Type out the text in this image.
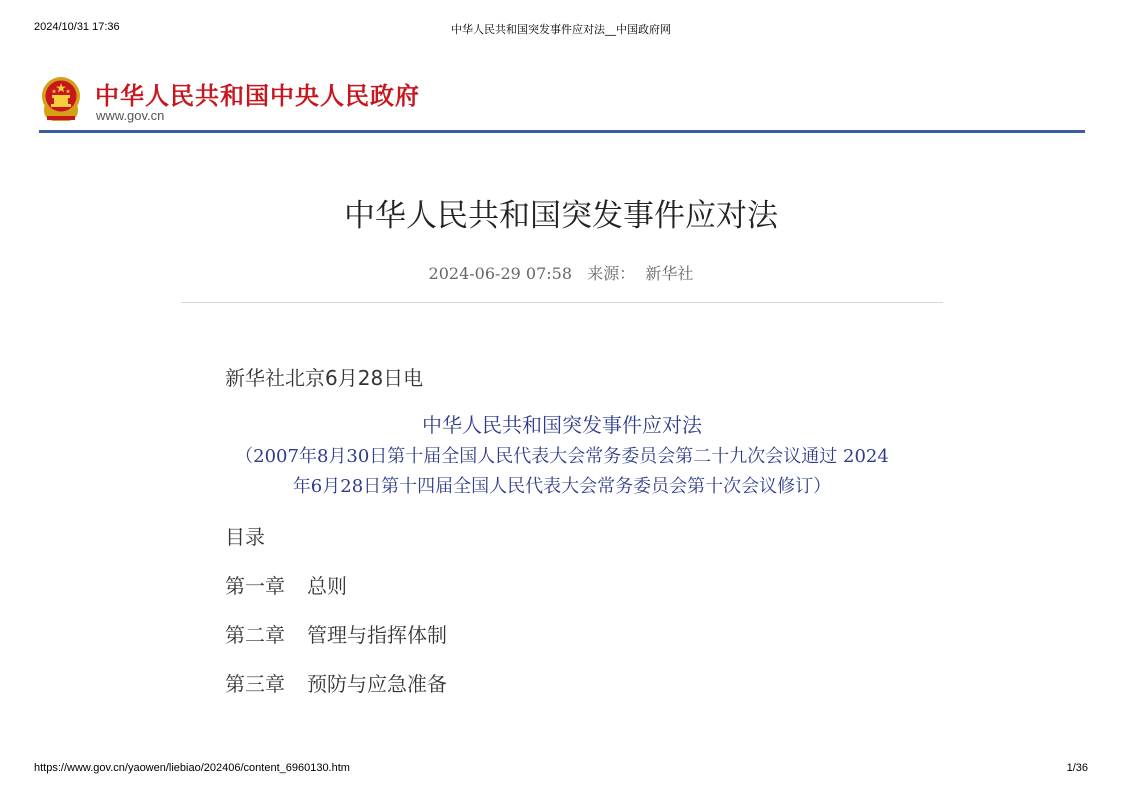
2024/10/31 17:36	中华人民共和国突发事件应对法__中国政府网
中华人民共和国中央人民政府
www.gov.cn
中华人民共和国突发事件应对法
2024-06-29 07:58   来源：  新华社
新华社北京6月28日电
中华人民共和国突发事件应对法
（2007年8月30日第十届全国人民代表大会常务委员会第二十九次会议通过 2024
年6月28日第十四届全国人民代表大会常务委员会第十次会议修订）
目录
第一章 总则
第二章 管理与指挥体制
第三章 预防与应急准备
https://www.gov.cn/yaowen/liebiao/202406/content_6960130.htm	1/36
